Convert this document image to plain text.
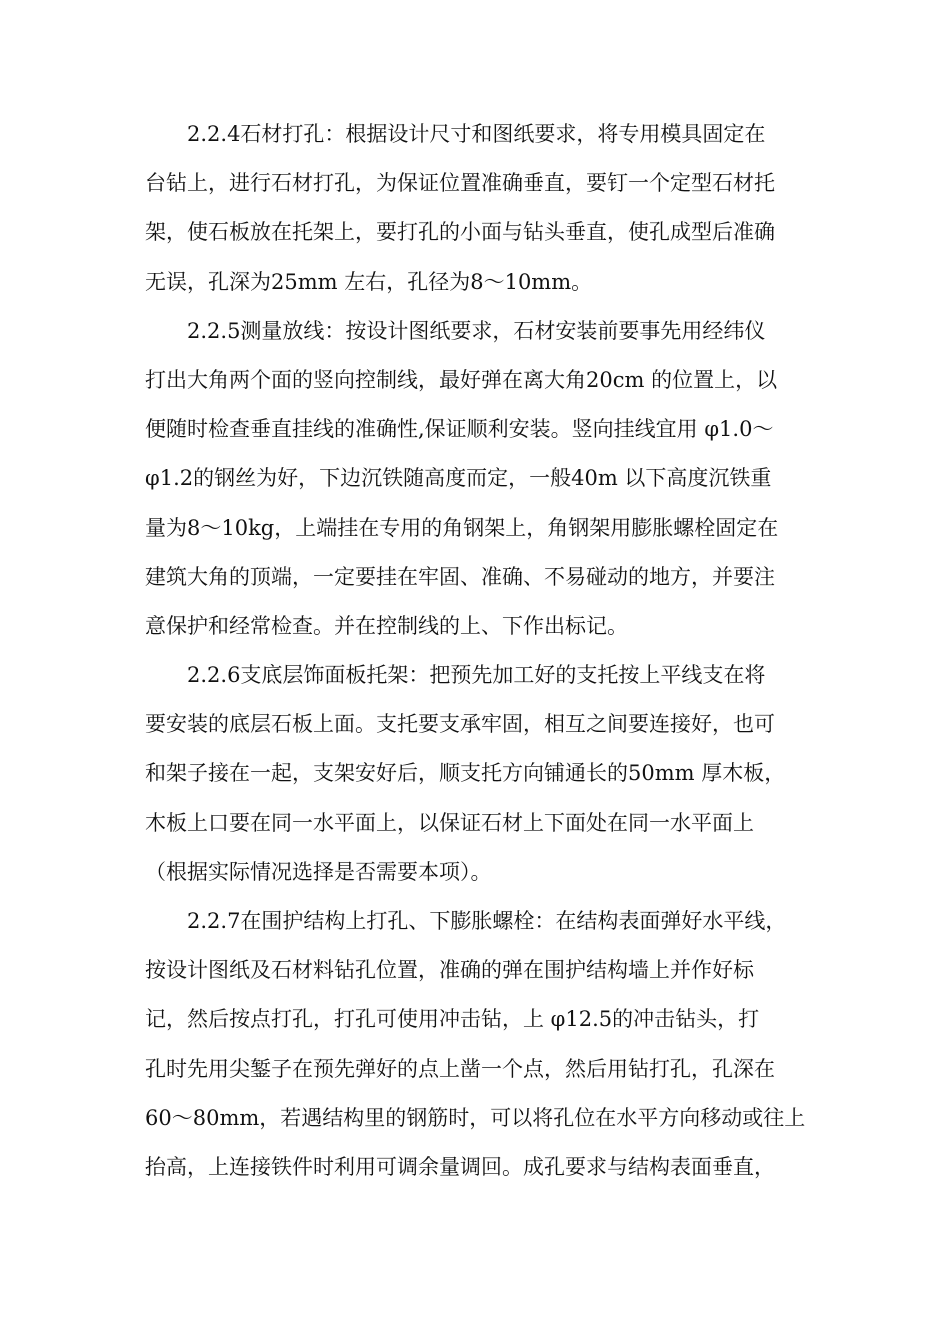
2.2.4石材打孔：根据设计尺寸和图纸要求，将专用模具固定在
台钻上，进行石材打孔，为保证位置准确垂直，要钉一个定型石材托
架，使石板放在托架上，要打孔的小面与钻头垂直，使孔成型后准确
无误，孔深为25mm 左右，孔径为8～10mm。
2.2.5测量放线：按设计图纸要求，石材安装前要事先用经纬仪
打出大角两个面的竖向控制线，最好弹在离大角20cm 的位置上，以
便随时检查垂直挂线的准确性,保证顺利安装。竖向挂线宜用 φ1.0～
φ1.2的钢丝为好，下边沉铁随高度而定，一般40m 以下高度沉铁重
量为8～10kg，上端挂在专用的角钢架上，角钢架用膨胀螺栓固定在
建筑大角的顶端，一定要挂在牢固、准确、不易碰动的地方，并要注
意保护和经常检查。并在控制线的上、下作出标记。
2.2.6支底层饰面板托架：把预先加工好的支托按上平线支在将
要安装的底层石板上面。支托要支承牢固，相互之间要连接好，也可
和架子接在一起，支架安好后，顺支托方向铺通长的50mm 厚木板，
木板上口要在同一水平面上，以保证石材上下面处在同一水平面上
（根据实际情况选择是否需要本项）。
2.2.7在围护结构上打孔、下膨胀螺栓：在结构表面弹好水平线，
按设计图纸及石材料钻孔位置，准确的弹在围护结构墙上并作好标
记，然后按点打孔，打孔可使用冲击钻，上 φ12.5的冲击钻头，打
孔时先用尖錾子在预先弹好的点上凿一个点，然后用钻打孔，孔深在
60～80mm，若遇结构里的钢筋时，可以将孔位在水平方向移动或往上
抬高，上连接铁件时利用可调余量调回。成孔要求与结构表面垂直，
